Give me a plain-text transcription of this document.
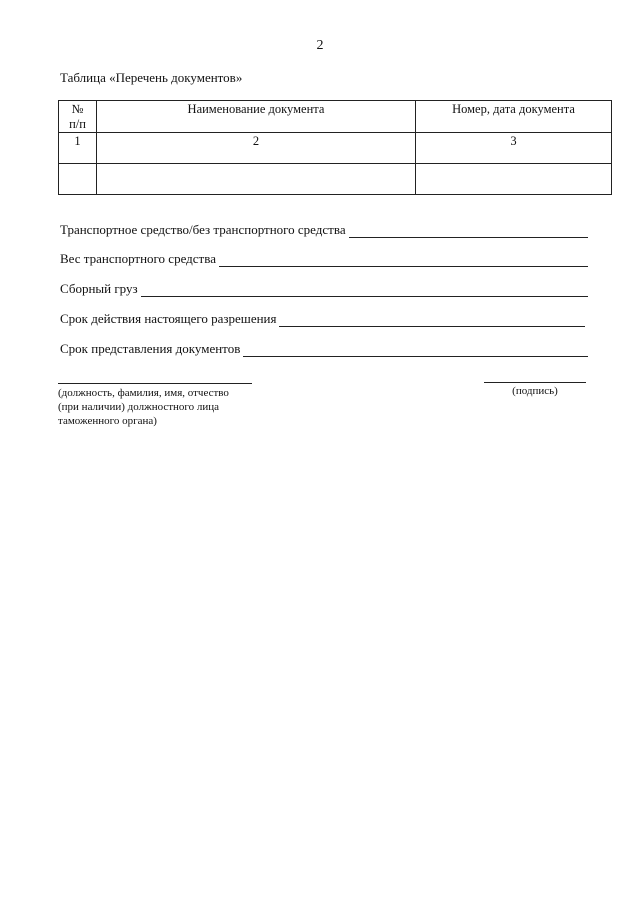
2
Таблица «Перечень документов»
№
п/п	Наименование документа	Номер, дата документа
1	2	3

Транспортное средство/без транспортного средства
Вес транспортного средства
Сборный груз
Срок действия настоящего разрешения
Срок представления документов
(должность, фамилия, имя, отчество
(при наличии) должностного лица
таможенного органа)
(подпись)
